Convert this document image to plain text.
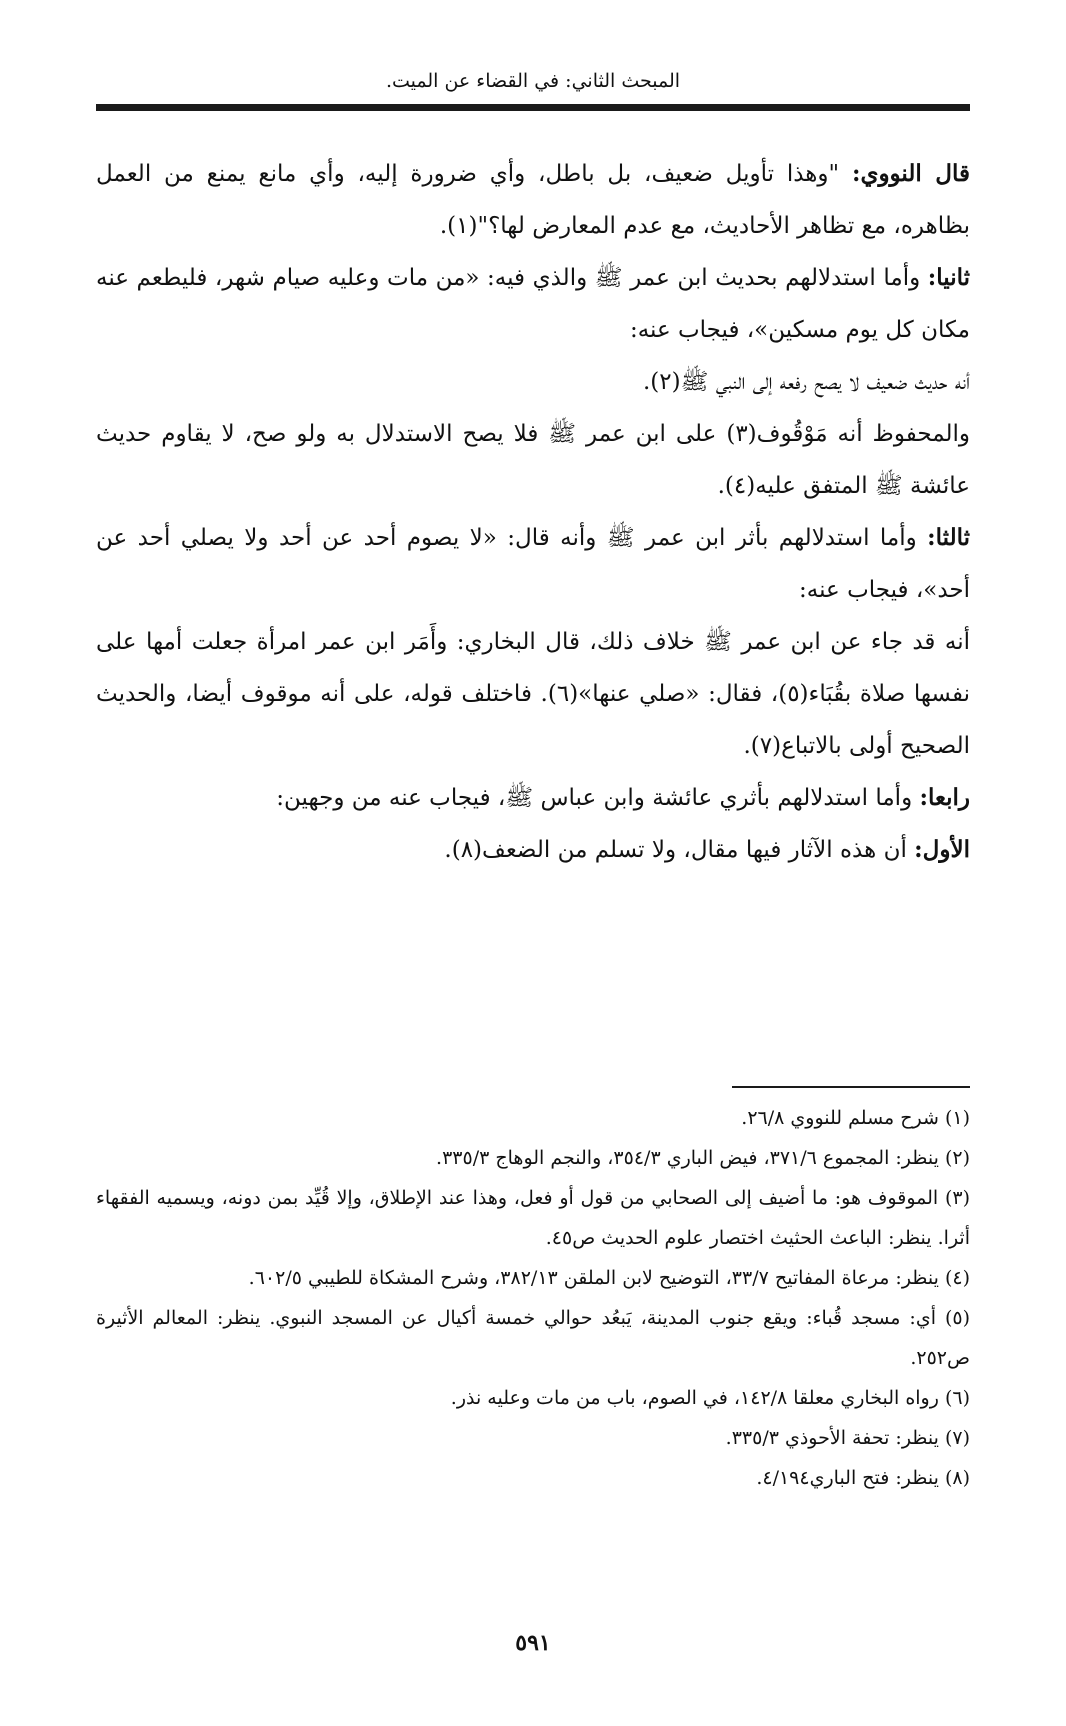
المبحث الثاني: في القضاء عن الميت.

قال النووي: "وهذا تأويل ضعيف، بل باطل، وأي ضرورة إليه، وأي مانع يمنع من العمل بظاهره، مع تظاهر الأحاديث، مع عدم المعارض لها؟"(١).

ثانيا: وأما استدلالهم بحديث ابن عمر ﷺ والذي فيه: «من مات وعليه صيام شهر، فليطعم عنه مكان كل يوم مسكين»، فيجاب عنه:

أنه حديث ضعيف لا يصح رفعه إلى النبي ﷺ(٢).

والمحفوظ أنه مَوْقُوف(٣) على ابن عمر ﷺ فلا يصح الاستدلال به ولو صح، لا يقاوم حديث عائشة ﷺ المتفق عليه(٤).

ثالثا: وأما استدلالهم بأثر ابن عمر ﷺ وأنه قال: «لا يصوم أحد عن أحد ولا يصلي أحد عن أحد»، فيجاب عنه:

أنه قد جاء عن ابن عمر ﷺ خلاف ذلك، قال البخاري: وأَمَر ابن عمر امرأة جعلت أمها على نفسها صلاة بقُبَاء(٥)، فقال: «صلي عنها»(٦). فاختلف قوله، على أنه موقوف أيضا، والحديث الصحيح أولى بالاتباع(٧).

رابعا: وأما استدلالهم بأثري عائشة وابن عباس ﷺ، فيجاب عنه من وجهين:

الأول: أن هذه الآثار فيها مقال، ولا تسلم من الضعف(٨).

(١) شرح مسلم للنووي ٢٦/٨.

(٢) ينظر: المجموع ٣٧١/٦، فيض الباري ٣٥٤/٣، والنجم الوهاج ٣٣٥/٣.

(٣) الموقوف هو: ما أضيف إلى الصحابي من قول أو فعل، وهذا عند الإطلاق، وإلا قُيِّد بمن دونه، ويسميه الفقهاء أثرا. ينظر: الباعث الحثيث اختصار علوم الحديث ص٤٥.

(٤) ينظر: مرعاة المفاتيح ٣٣/٧، التوضيح لابن الملقن ٣٨٢/١٣، وشرح المشكاة للطيبي ٦٠٢/٥.

(٥) أي: مسجد قُباء: ويقع جنوب المدينة، يَبعُد حوالي خمسة أكيال عن المسجد النبوي. ينظر: المعالم الأثيرة ص٢٥٢.

(٦) رواه البخاري معلقا ١٤٢/٨، في الصوم، باب من مات وعليه نذر.

(٧) ينظر: تحفة الأحوذي ٣٣٥/٣.

(٨) ينظر: فتح الباري٤/١٩٤.

٥٩١
